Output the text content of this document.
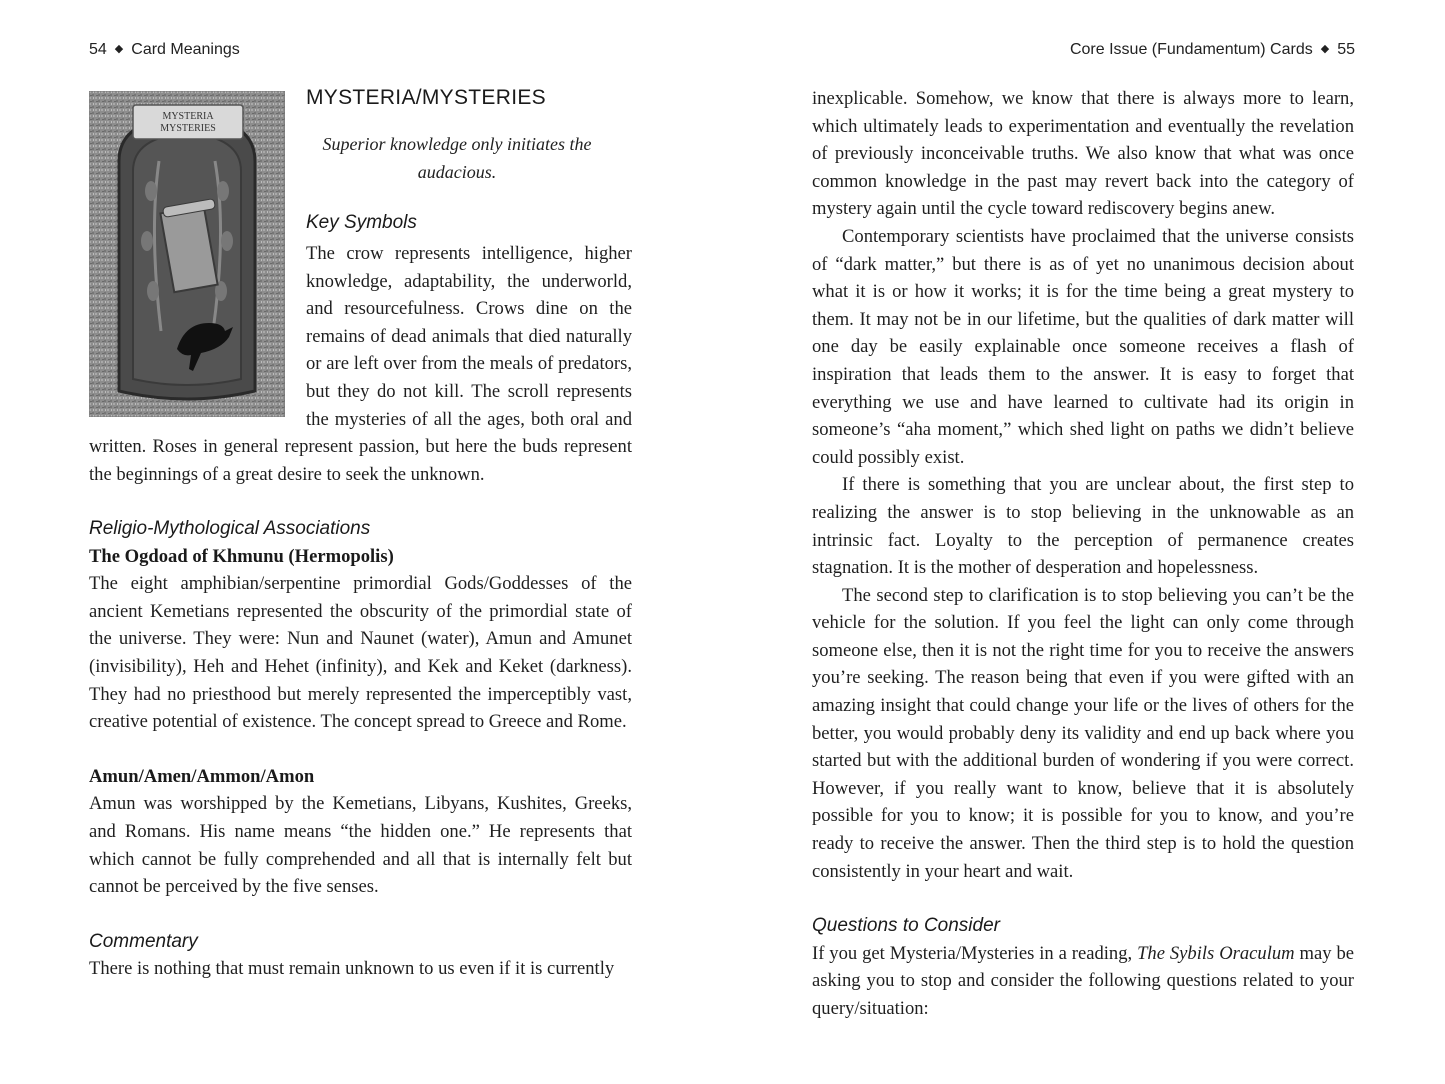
54 ◆ Card Meanings
MYSTERIA
MYSTERIES
MYSTERIA/MYSTERIES

Superior knowledge only initiates the audacious.

Key Symbols

The crow represents intelligence, higher knowledge, adaptability, the underworld, and resourcefulness. Crows dine on the remains of dead animals that died naturally or are left over from the meals of predators, but they do not kill. The scroll represents the mysteries of all the ages, both oral and written. Roses in general represent passion, but here the buds represent the beginnings of a great desire to seek the unknown.

Religio-Mythological Associations
The Ogdoad of Khmunu (Hermopolis)

The eight amphibian/serpentine primordial Gods/Goddesses of the ancient Kemetians represented the obscurity of the primordial state of the universe. They were: Nun and Naunet (water), Amun and Amunet (invisibility), Heh and Hehet (infinity), and Kek and Keket (darkness). They had no priesthood but merely represented the imperceptibly vast, creative potential of existence. The concept spread to Greece and Rome.

Amun/Amen/Ammon/Amon

Amun was worshipped by the Kemetians, Libyans, Kushites, Greeks, and Romans. His name means “the hidden one.” He represents that which cannot be fully comprehended and all that is internally felt but cannot be perceived by the five senses.

Commentary

There is nothing that must remain unknown to us even if it is currently

Core Issue (Fundamentum) Cards ◆ 55

inexplicable. Somehow, we know that there is always more to learn, which ultimately leads to experimentation and eventually the revelation of previously inconceivable truths. We also know that what was once common knowledge in the past may revert back into the category of mystery again until the cycle toward rediscovery begins anew.

Contemporary scientists have proclaimed that the universe consists of “dark matter,” but there is as of yet no unanimous decision about what it is or how it works; it is for the time being a great mystery to them. It may not be in our lifetime, but the qualities of dark matter will one day be easily explainable once someone receives a flash of inspiration that leads them to the answer. It is easy to forget that everything we use and have learned to cultivate had its origin in someone’s “aha moment,” which shed light on paths we didn’t believe could possibly exist.

If there is something that you are unclear about, the first step to realizing the answer is to stop believing in the unknowable as an intrinsic fact. Loyalty to the perception of permanence creates stagnation. It is the mother of desperation and hopelessness.

The second step to clarification is to stop believing you can’t be the vehicle for the solution. If you feel the light can only come through someone else, then it is not the right time for you to receive the answers you’re seeking. The reason being that even if you were gifted with an amazing insight that could change your life or the lives of others for the better, you would probably deny its validity and end up back where you started but with the additional burden of wondering if you were correct. However, if you really want to know, believe that it is absolutely possible for you to know; it is possible for you to know, and you’re ready to receive the answer. Then the third step is to hold the question consistently in your heart and wait.

Questions to Consider

If you get Mysteria/Mysteries in a reading, The Sybils Oraculum may be asking you to stop and consider the following questions related to your query/situation:
